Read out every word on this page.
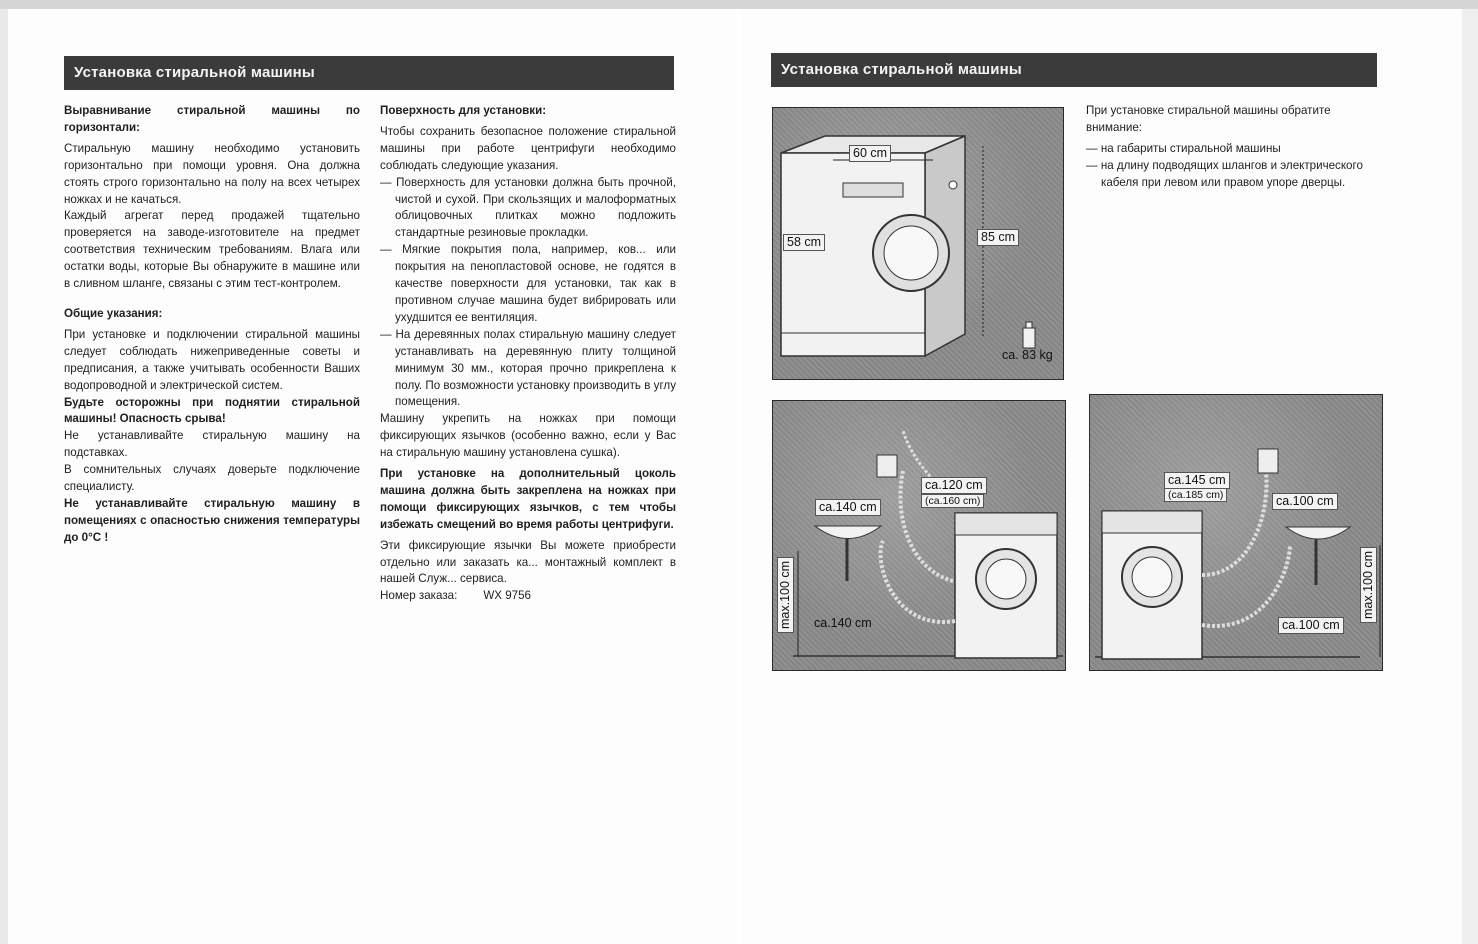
Установка стиральной машины

Выравнивание стиральной машины по горизонтали:

Стиральную машину необходимо установить горизонтально при помощи уровня. Она должна стоять строго горизонтально на полу на всех четырех ножках и не качаться.

Каждый агрегат перед продажей тщательно проверяется на заводе-изготовителе на предмет соответствия техническим требованиям. Влага или остатки воды, которые Вы обнаружите в машине или в сливном шланге, связаны с этим тест-контролем.

Общие указания:

При установке и подключении стиральной машины следует соблюдать нижеприведенные советы и предписания, а также учитывать особенности Ваших водопроводной и электрической систем.

Будьте осторожны при поднятии стиральной машины! Опасность срыва!

Не устанавливайте стиральную машину на подставках.

В сомнительных случаях доверьте подключение специалисту.

Не устанавливайте стиральную машину в помещениях с опасностью снижения температуры до 0°С !

Поверхность для установки:

Чтобы сохранить безопасное положение стиральной машины при работе центрифуги необходимо соблюдать следующие указания.

— Поверхность для установки должна быть прочной, чистой и сухой. При скользящих и малоформатных облицовочных плитках можно подложить стандартные резиновые прокладки.

— Мягкие покрытия пола, например, ков... или покрытия на пенопластовой основе, не годятся в качестве поверхности для установки, так как в противном случае машина будет вибрировать или ухудшится ее вентиляция.

— На деревянных полах стиральную машину следует устанавливать на деревянную плиту толщиной минимум 30 мм., которая прочно прикреплена к полу. По возможности установку производить в углу помещения.

Машину укрепить на ножках при помощи фиксирующих язычков (особенно важно, если у Вас на стиральную машину установлена сушка).

При установке на дополнительный цоколь машина должна быть закреплена на ножках при помощи фиксирующих язычков, с тем чтобы избежать смещений во время работы центрифуги.

Эти фиксирующие язычки Вы можете приобрести отдельно или заказать ка... монтажный комплект в нашей Служ... сервиса.

Номер заказа: WX 9756
Установка стиральной машины
60 cm
58 cm	85 cm
ca. 83 kg
ca.140 cm
ca.120 cm
(ca.160 cm)
ca.140 cm
max.100 cm
ca.145 cm
(ca.185 cm)	ca.100 cm
ca.100 cm
max.100 cm

При установке стиральной машины обратите внимание:

— на габариты стиральной машины

— на длину подводящих шлангов и электрического кабеля при левом или правом упоре дверцы.
